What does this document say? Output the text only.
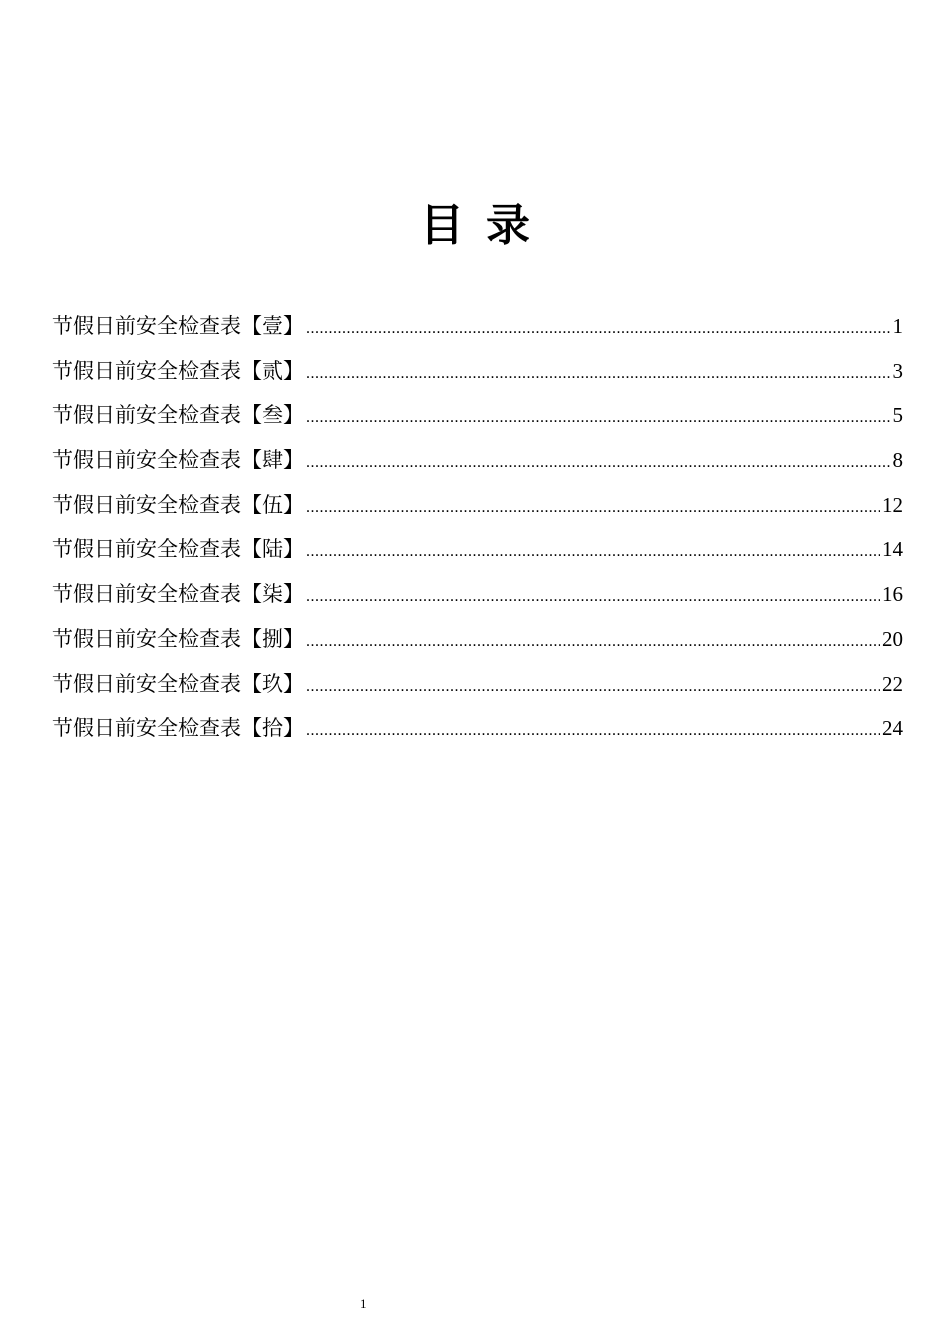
目录
节假日前安全检查表【壹】 .....	1
节假日前安全检查表【贰】 .....	3
节假日前安全检查表【叁】 .....	5
节假日前安全检查表【肆】 .....	8
节假日前安全检查表【伍】 .....	12
节假日前安全检查表【陆】 .....	14
节假日前安全检查表【柒】 .....	16
节假日前安全检查表【捌】 .....	20
节假日前安全检查表【玖】 .....	22
节假日前安全检查表【拾】 .....	24
1
